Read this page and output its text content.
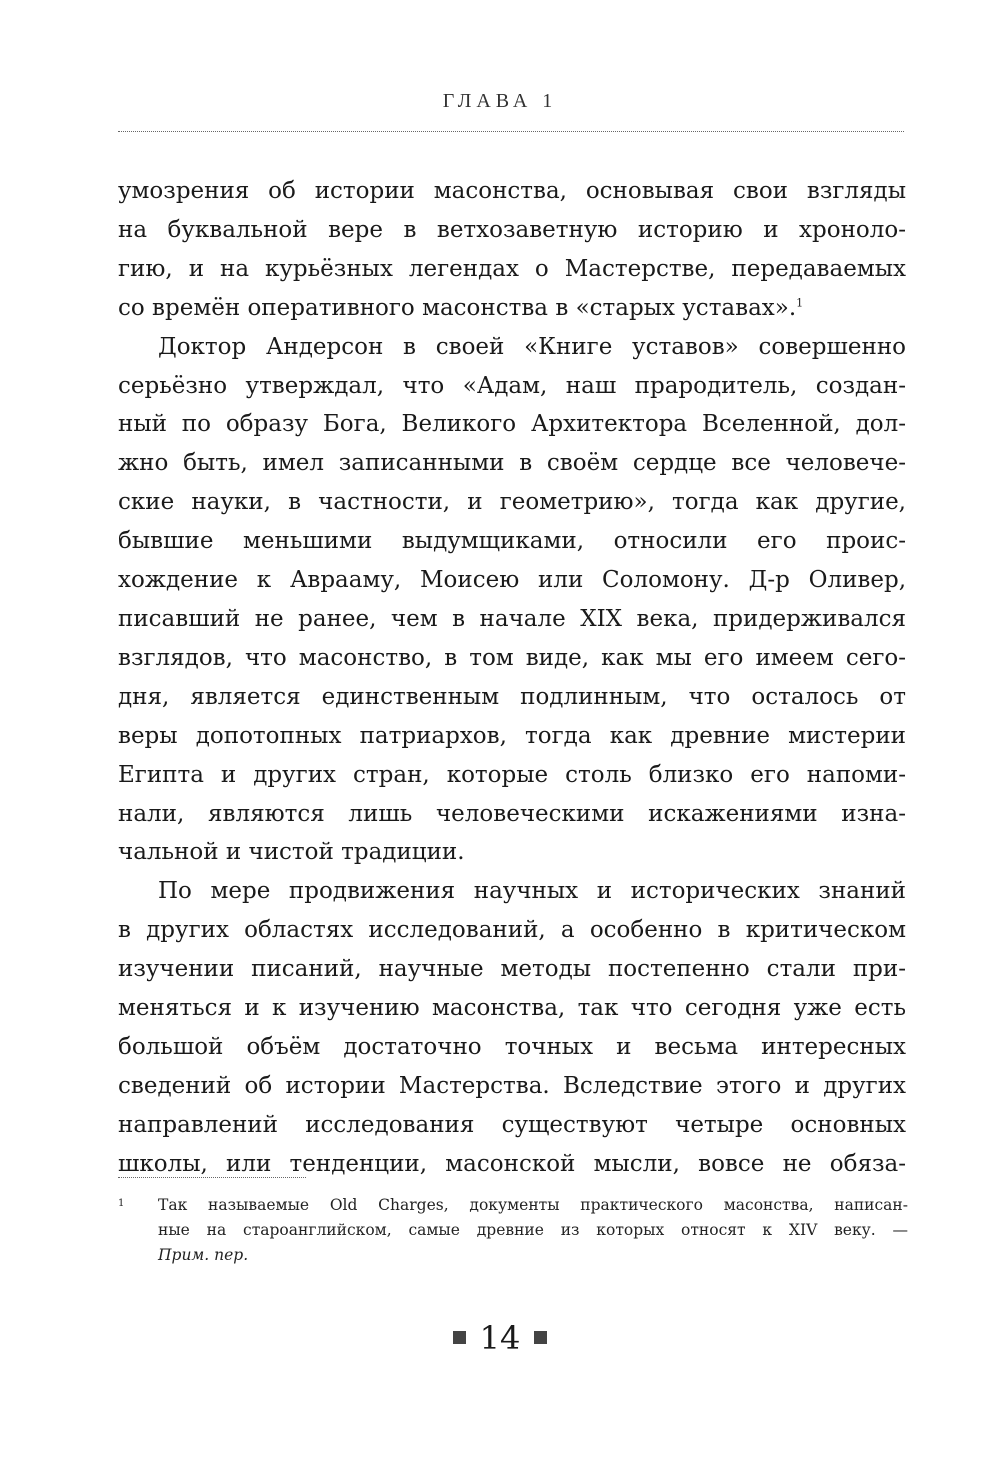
ГЛАВА 1
умозрения об истории масонства, основывая свои взгляды
на буквальной вере в ветхозаветную историю и хроноло-
гию, и на курьёзных легендах о Мастерстве, передаваемых
со времён оперативного масонства в «старых уставах».$^1$
Доктор Андерсон в своей «Книге уставов» совершенно
серьёзно утверждал, что «Адам, наш прародитель, создан-
ный по образу Бога, Великого Архитектора Вселенной, дол-
жно быть, имел записанными в своём сердце все человече-
ские науки, в частности, и геометрию», тогда как другие,
бывшие меньшими выдумщиками, относили его проис-
хождение к Аврааму, Моисею или Соломону. Д-р Оливер,
писавший не ранее, чем в начале XIX века, придерживался
взглядов, что масонство, в том виде, как мы его имеем сего-
дня, является единственным подлинным, что осталось от
веры допотопных патриархов, тогда как древние мистерии
Египта и других стран, которые столь близко его напоми-
нали, являются лишь человеческими искажениями изна-
чальной и чистой традиции.
По мере продвижения научных и исторических знаний
в других областях исследований, а особенно в критическом
изучении писаний, научные методы постепенно стали при-
меняться и к изучению масонства, так что сегодня уже есть
большой объём достаточно точных и весьма интересных
сведений об истории Мастерства. Вследствие этого и других
направлений исследования существуют четыре основных
школы, или тенденции, масонской мысли, вовсе не обяза-
1 Так называемые Old Charges, документы практического масонства, написан-
ные на староанглийском, самые древние из которых относят к XIV веку. —
Прим. пер.
14
